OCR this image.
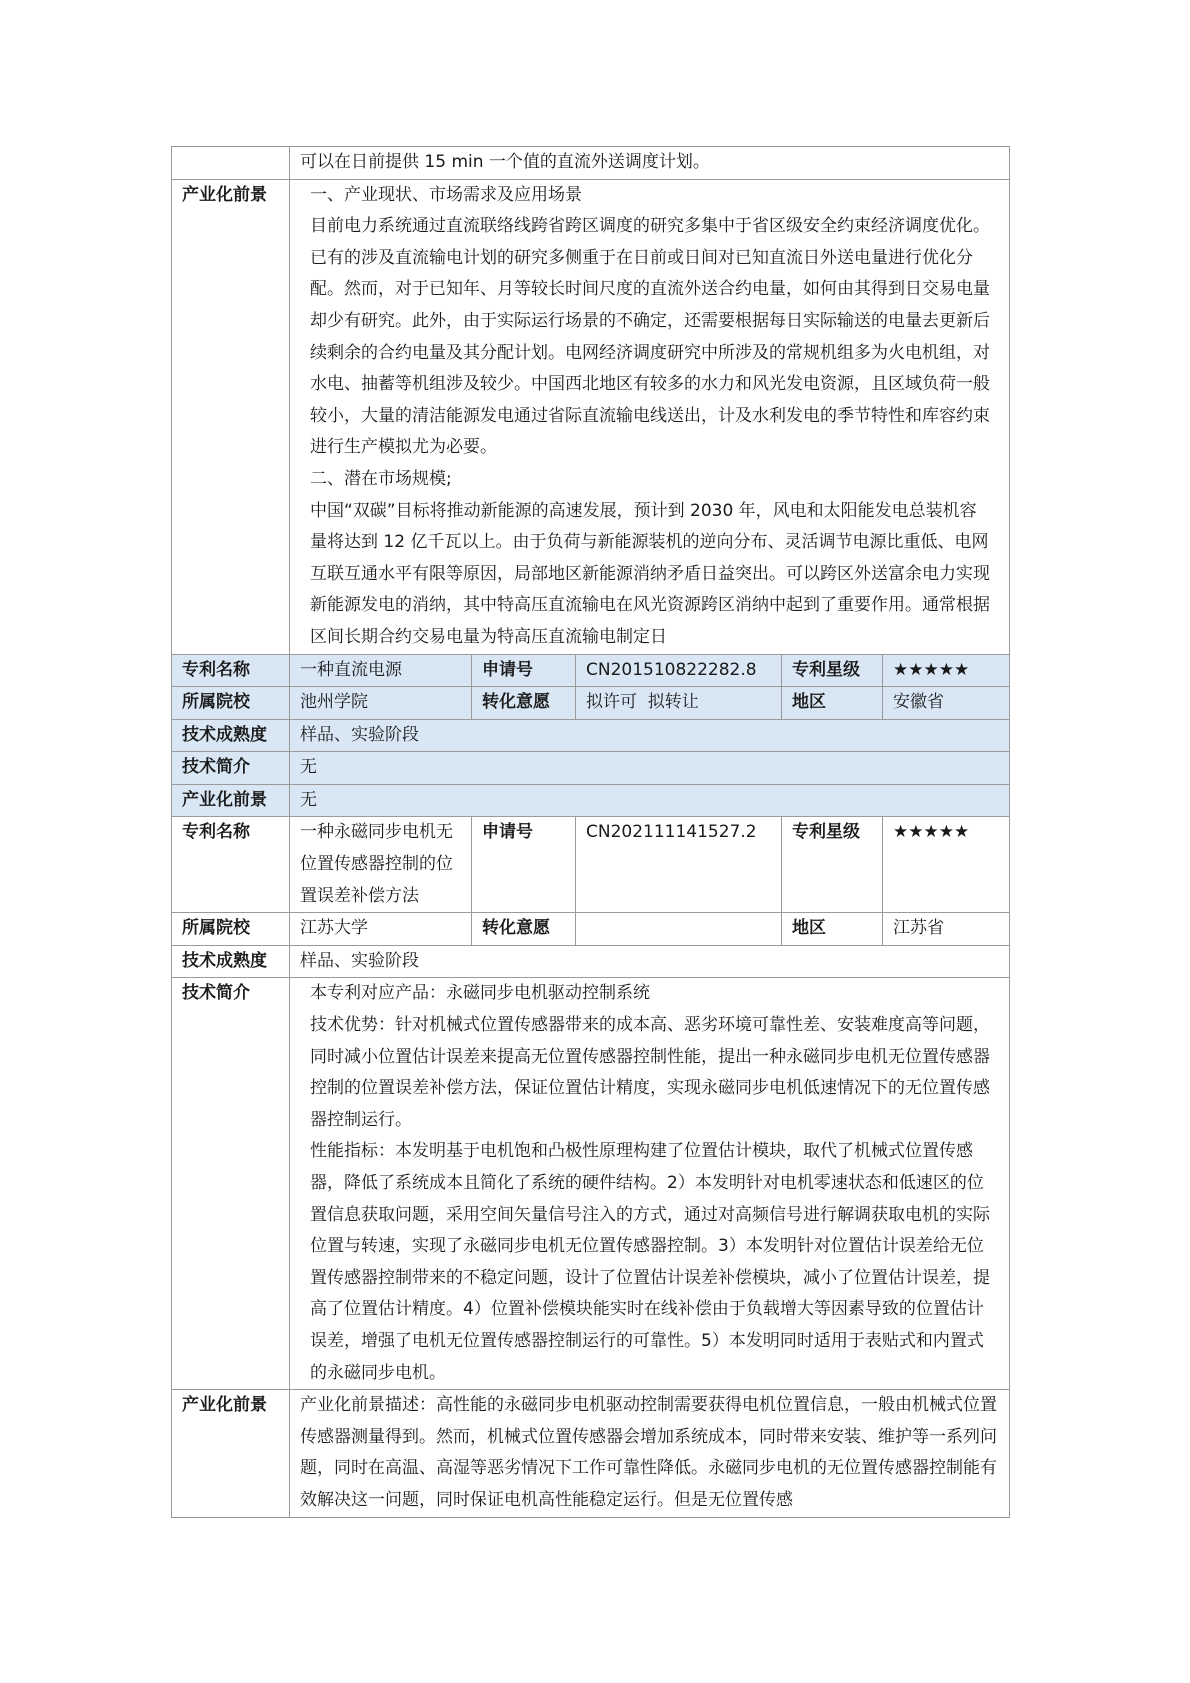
	可以在日前提供 15 min 一个值的直流外送调度计划。				
产业化前景	一、产业现状、市场需求及应用场景
目前电力系统通过直流联络线跨省跨区调度的研究多集中于省区级安全约束经济调度优化。已有的涉及直流输电计划的研究多侧重于在日前或日间对已知直流日外送电量进行优化分配。然而，对于已知年、月等较长时间尺度的直流外送合约电量，如何由其得到日交易电量却少有研究。此外，由于实际运行场景的不确定，还需要根据每日实际输送的电量去更新后续剩余的合约电量及其分配计划。电网经济调度研究中所涉及的常规机组多为火电机组，对水电、抽蓄等机组涉及较少。中国西北地区有较多的水力和风光发电资源，且区域负荷一般较小，大量的清洁能源发电通过省际直流输电线送出，计及水利发电的季节特性和库容约束进行生产模拟尤为必要。
二、潜在市场规模;
中国“双碳”目标将推动新能源的高速发展，预计到 2030 年，风电和太阳能发电总装机容量将达到 12 亿千瓦以上。由于负荷与新能源装机的逆向分布、灵活调节电源比重低、电网互联互通水平有限等原因，局部地区新能源消纳矛盾日益突出。可以跨区外送富余电力实现新能源发电的消纳，其中特高压直流输电在风光资源跨区消纳中起到了重要作用。通常根据区间长期合约交易电量为特高压直流输电制定日				

专利名称	一种直流电源	申请号	CN201510822282.8	专利星级	★★★★★
所属院校	池州学院	转化意愿	拟许可  拟转让	地区	安徽省
技术成熟度	样品、实验阶段				
技术简介	无				
产业化前景	无				
专利名称	一种永磁同步电机无位置传感器控制的位置误差补偿方法	申请号	CN202111141527.2	专利星级	★★★★★
所属院校	江苏大学	转化意愿		地区	江苏省
技术成熟度	样品、实验阶段				
技术简介	本专利对应产品：永磁同步电机驱动控制系统
技术优势：针对机械式位置传感器带来的成本高、恶劣环境可靠性差、安装难度高等问题，同时减小位置估计误差来提高无位置传感器控制性能，提出一种永磁同步电机无位置传感器控制的位置误差补偿方法，保证位置估计精度，实现永磁同步电机低速情况下的无位置传感器控制运行。
性能指标：本发明基于电机饱和凸极性原理构建了位置估计模块，取代了机械式位置传感器，降低了系统成本且简化了系统的硬件结构。2）本发明针对电机零速状态和低速区的位置信息获取问题，采用空间矢量信号注入的方式，通过对高频信号进行解调获取电机的实际位置与转速，实现了永磁同步电机无位置传感器控制。3）本发明针对位置估计误差给无位置传感器控制带来的不稳定问题，设计了位置估计误差补偿模块，减小了位置估计误差，提高了位置估计精度。4）位置补偿模块能实时在线补偿由于负载增大等因素导致的位置估计误差，增强了电机无位置传感器控制运行的可靠性。5）本发明同时适用于表贴式和内置式的永磁同步电机。				

产业化前景	产业化前景描述：高性能的永磁同步电机驱动控制需要获得电机位置信息，一般由机械式位置传感器测量得到。然而，机械式位置传感器会增加系统成本，同时带来安装、维护等一系列问题，同时在高温、高湿等恶劣情况下工作可靠性降低。永磁同步电机的无位置传感器控制能有效解决这一问题，同时保证电机高性能稳定运行。但是无位置传感				
